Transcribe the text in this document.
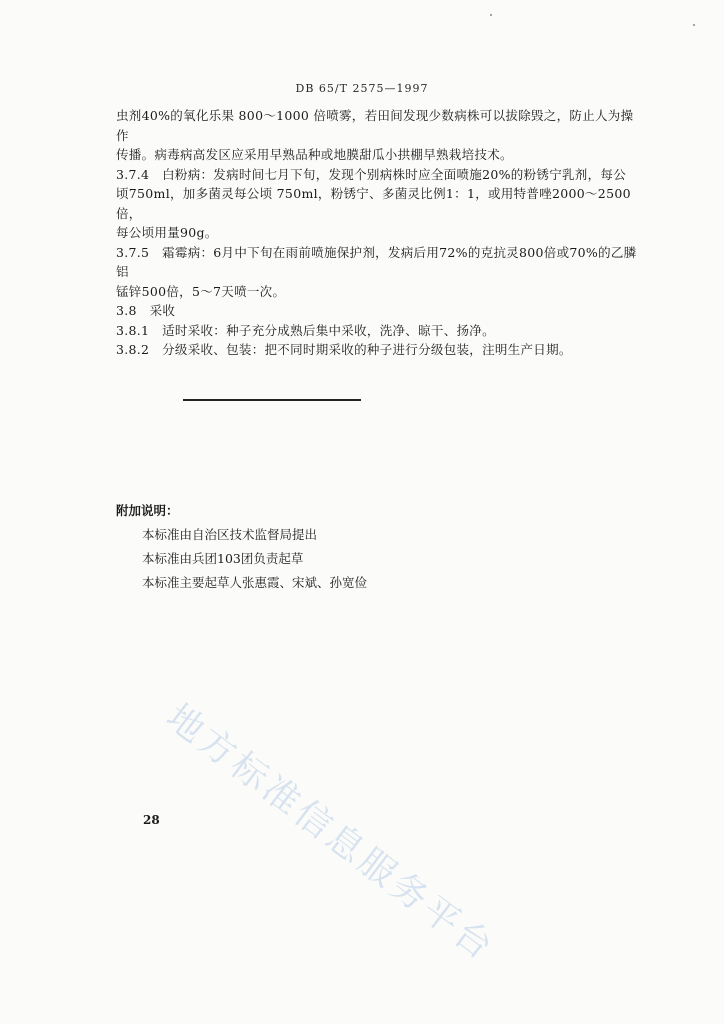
DB 65/T 2575—1997

虫剂40%的氧化乐果 800～1000 倍喷雾，若田间发现少数病株可以拔除毁之，防止人为操作

传播。病毒病高发区应采用早熟品种或地膜甜瓜小拱棚早熟栽培技术。

3.7.4　白粉病：发病时间七月下旬，发现个别病株时应全面喷施20%的粉锈宁乳剂，每公

顷750ml，加多菌灵每公顷 750ml，粉锈宁、多菌灵比例1：1，或用特普唑2000～2500倍，

每公顷用量90g。

3.7.5　霜霉病：6月中下旬在雨前喷施保护剂，发病后用72%的克抗灵800倍或70%的乙膦铝

锰锌500倍，5～7天喷一次。

3.8　采收

3.8.1　适时采收：种子充分成熟后集中采收，洗净、晾干、扬净。

3.8.2　分级采收、包装：把不同时期采收的种子进行分级包装，注明生产日期。

附加说明：
本标准由自治区技术监督局提出
本标准由兵团103团负责起草
本标准主要起草人张惠霞、宋斌、孙宽俭
地方标准信息服务平台
28
